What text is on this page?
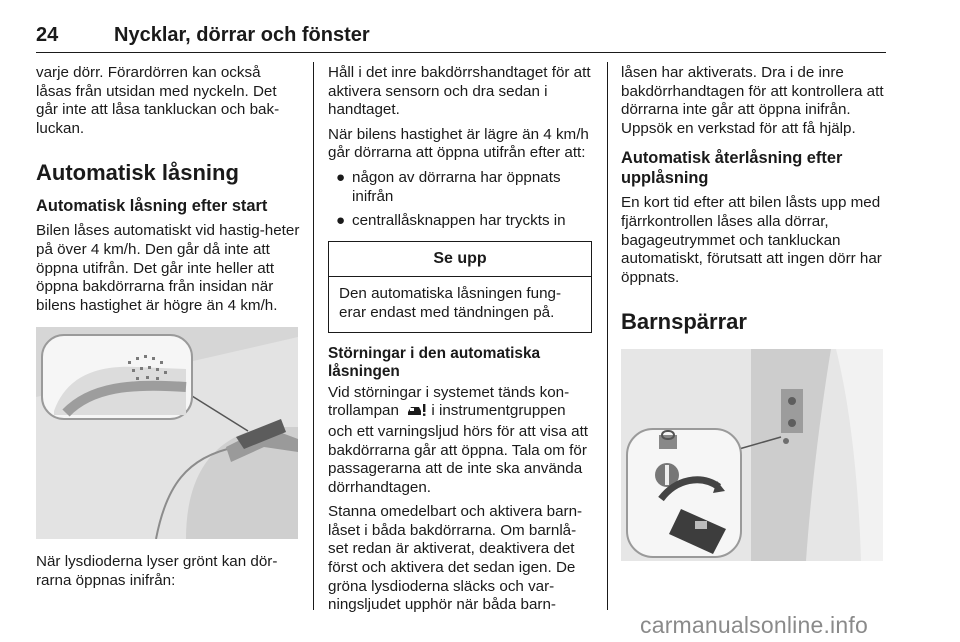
24	Nycklar, dörrar och fönster

varje dörr. Förardörren kan också låsas från utsidan med nyckeln. Det går inte att låsa tankluckan och bak-luckan.

Automatisk låsning

Automatisk låsning efter start

Bilen låses automatiskt vid hastig-heter på över 4 km/h. Den går då inte att öppna utifrån. Det går inte heller att öppna bakdörrarna från insidan när bilens hastighet är högre än 4 km/h.

När lysdioderna lyser grönt kan dör-rarna öppnas inifrån:

Håll i det inre bakdörrshandtaget för att aktivera sensorn och dra sedan i handtaget.

När bilens hastighet är lägre än 4 km/h går dörrarna att öppna utifrån efter att:

● någon av dörrarna har öppnats inifrån
● centrallåsknappen har tryckts in
Se upp
Den automatiska låsningen fung-erar endast med tändningen på.

Störningar i den automatiska låsningen

Vid störningar i systemet tänds kon-trollampan  i instrumentgruppen och ett varningsljud hörs för att visa att bakdörrarna går att öppna. Tala om för passagerarna att de inte ska använda dörrhandtagen.

Stanna omedelbart och aktivera barn-låset i båda bakdörrarna. Om barnlå-set redan är aktiverat, deaktivera det först och aktivera det sedan igen. De gröna lysdioderna släcks och var-ningsljudet upphör när båda barn-

låsen har aktiverats. Dra i de inre bakdörrhandtagen för att kontrollera att dörrarna inte går att öppna inifrån. Uppsök en verkstad för att få hjälp.

Automatisk återlåsning efter upplåsning

En kort tid efter att bilen låsts upp med fjärrkontrollen låses alla dörrar, bagageutrymmet och tankluckan automatiskt, förutsatt att ingen dörr har öppnats.

Barnspärrar

carmanualsonline.info
